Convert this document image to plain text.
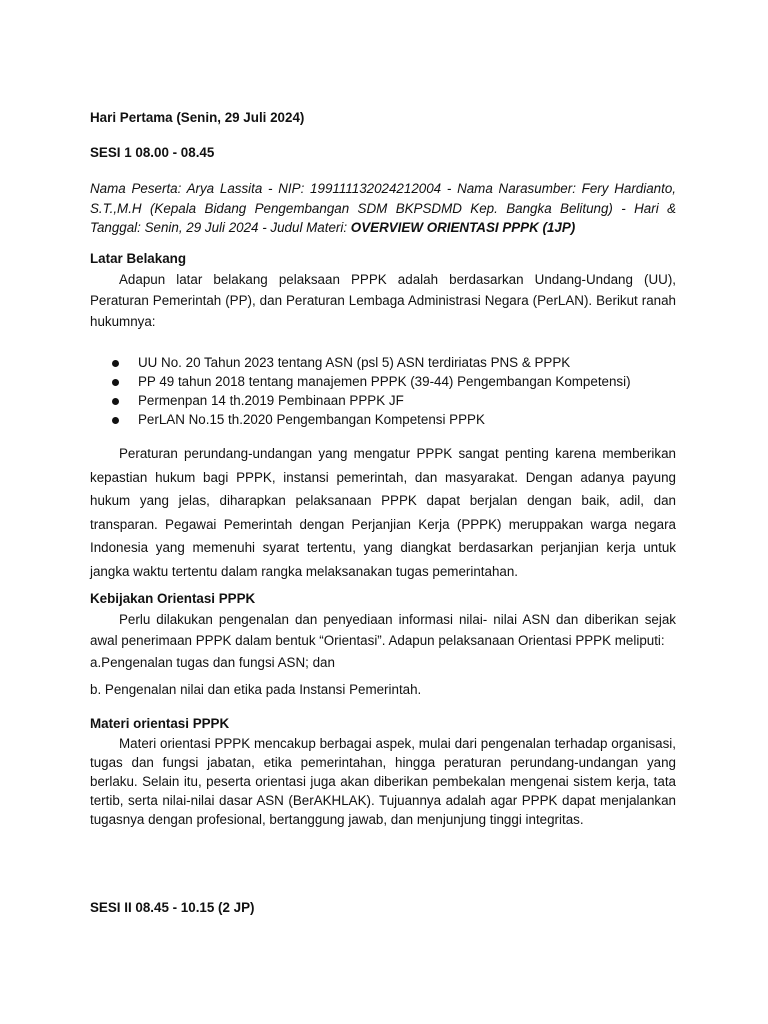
Hari Pertama (Senin, 29 Juli 2024)
SESI 1 08.00 - 08.45

Nama Peserta: Arya Lassita - NIP: 199111132024212004 - Nama Narasumber: Fery Hardianto, S.T.,M.H (Kepala Bidang Pengembangan SDM BKPSDMD Kep. Bangka Belitung) - Hari & Tanggal: Senin, 29 Juli 2024 - Judul Materi: OVERVIEW ORIENTASI PPPK (1JP)

Latar Belakang

Adapun latar belakang pelaksaan PPPK adalah berdasarkan Undang-Undang (UU), Peraturan Pemerintah (PP), dan Peraturan Lembaga Administrasi Negara (PerLAN). Berikut ranah hukumnya:

UU No. 20 Tahun 2023 tentang ASN (psl 5) ASN terdiriatas PNS & PPPK
PP 49 tahun 2018 tentang manajemen PPPK (39-44) Pengembangan Kompetensi)
Permenpan 14 th.2019 Pembinaan PPPK JF
PerLAN No.15 th.2020 Pengembangan Kompetensi PPPK

Peraturan perundang-undangan yang mengatur PPPK sangat penting karena memberikan kepastian hukum bagi PPPK, instansi pemerintah, dan masyarakat. Dengan adanya payung hukum yang jelas, diharapkan pelaksanaan PPPK dapat berjalan dengan baik, adil, dan transparan. Pegawai Pemerintah dengan Perjanjian Kerja (PPPK) meruppakan warga negara Indonesia yang memenuhi syarat tertentu, yang diangkat berdasarkan perjanjian kerja untuk jangka waktu tertentu dalam rangka melaksanakan tugas pemerintahan.

Kebijakan Orientasi PPPK

Perlu dilakukan pengenalan dan penyediaan informasi nilai- nilai ASN dan diberikan sejak awal penerimaan PPPK dalam bentuk “Orientasi”. Adapun pelaksanaan Orientasi PPPK meliputi:

a.Pengenalan tugas dan fungsi ASN; dan
b. Pengenalan nilai dan etika pada Instansi Pemerintah.
Materi orientasi PPPK

Materi orientasi PPPK mencakup berbagai aspek, mulai dari pengenalan terhadap organisasi, tugas dan fungsi jabatan, etika pemerintahan, hingga peraturan perundang-undangan yang berlaku. Selain itu, peserta orientasi juga akan diberikan pembekalan mengenai sistem kerja, tata tertib, serta nilai-nilai dasar ASN (BerAKHLAK). Tujuannya adalah agar PPPK dapat menjalankan tugasnya dengan profesional, bertanggung jawab, dan menjunjung tinggi integritas.

SESI II 08.45 - 10.15 (2 JP)
